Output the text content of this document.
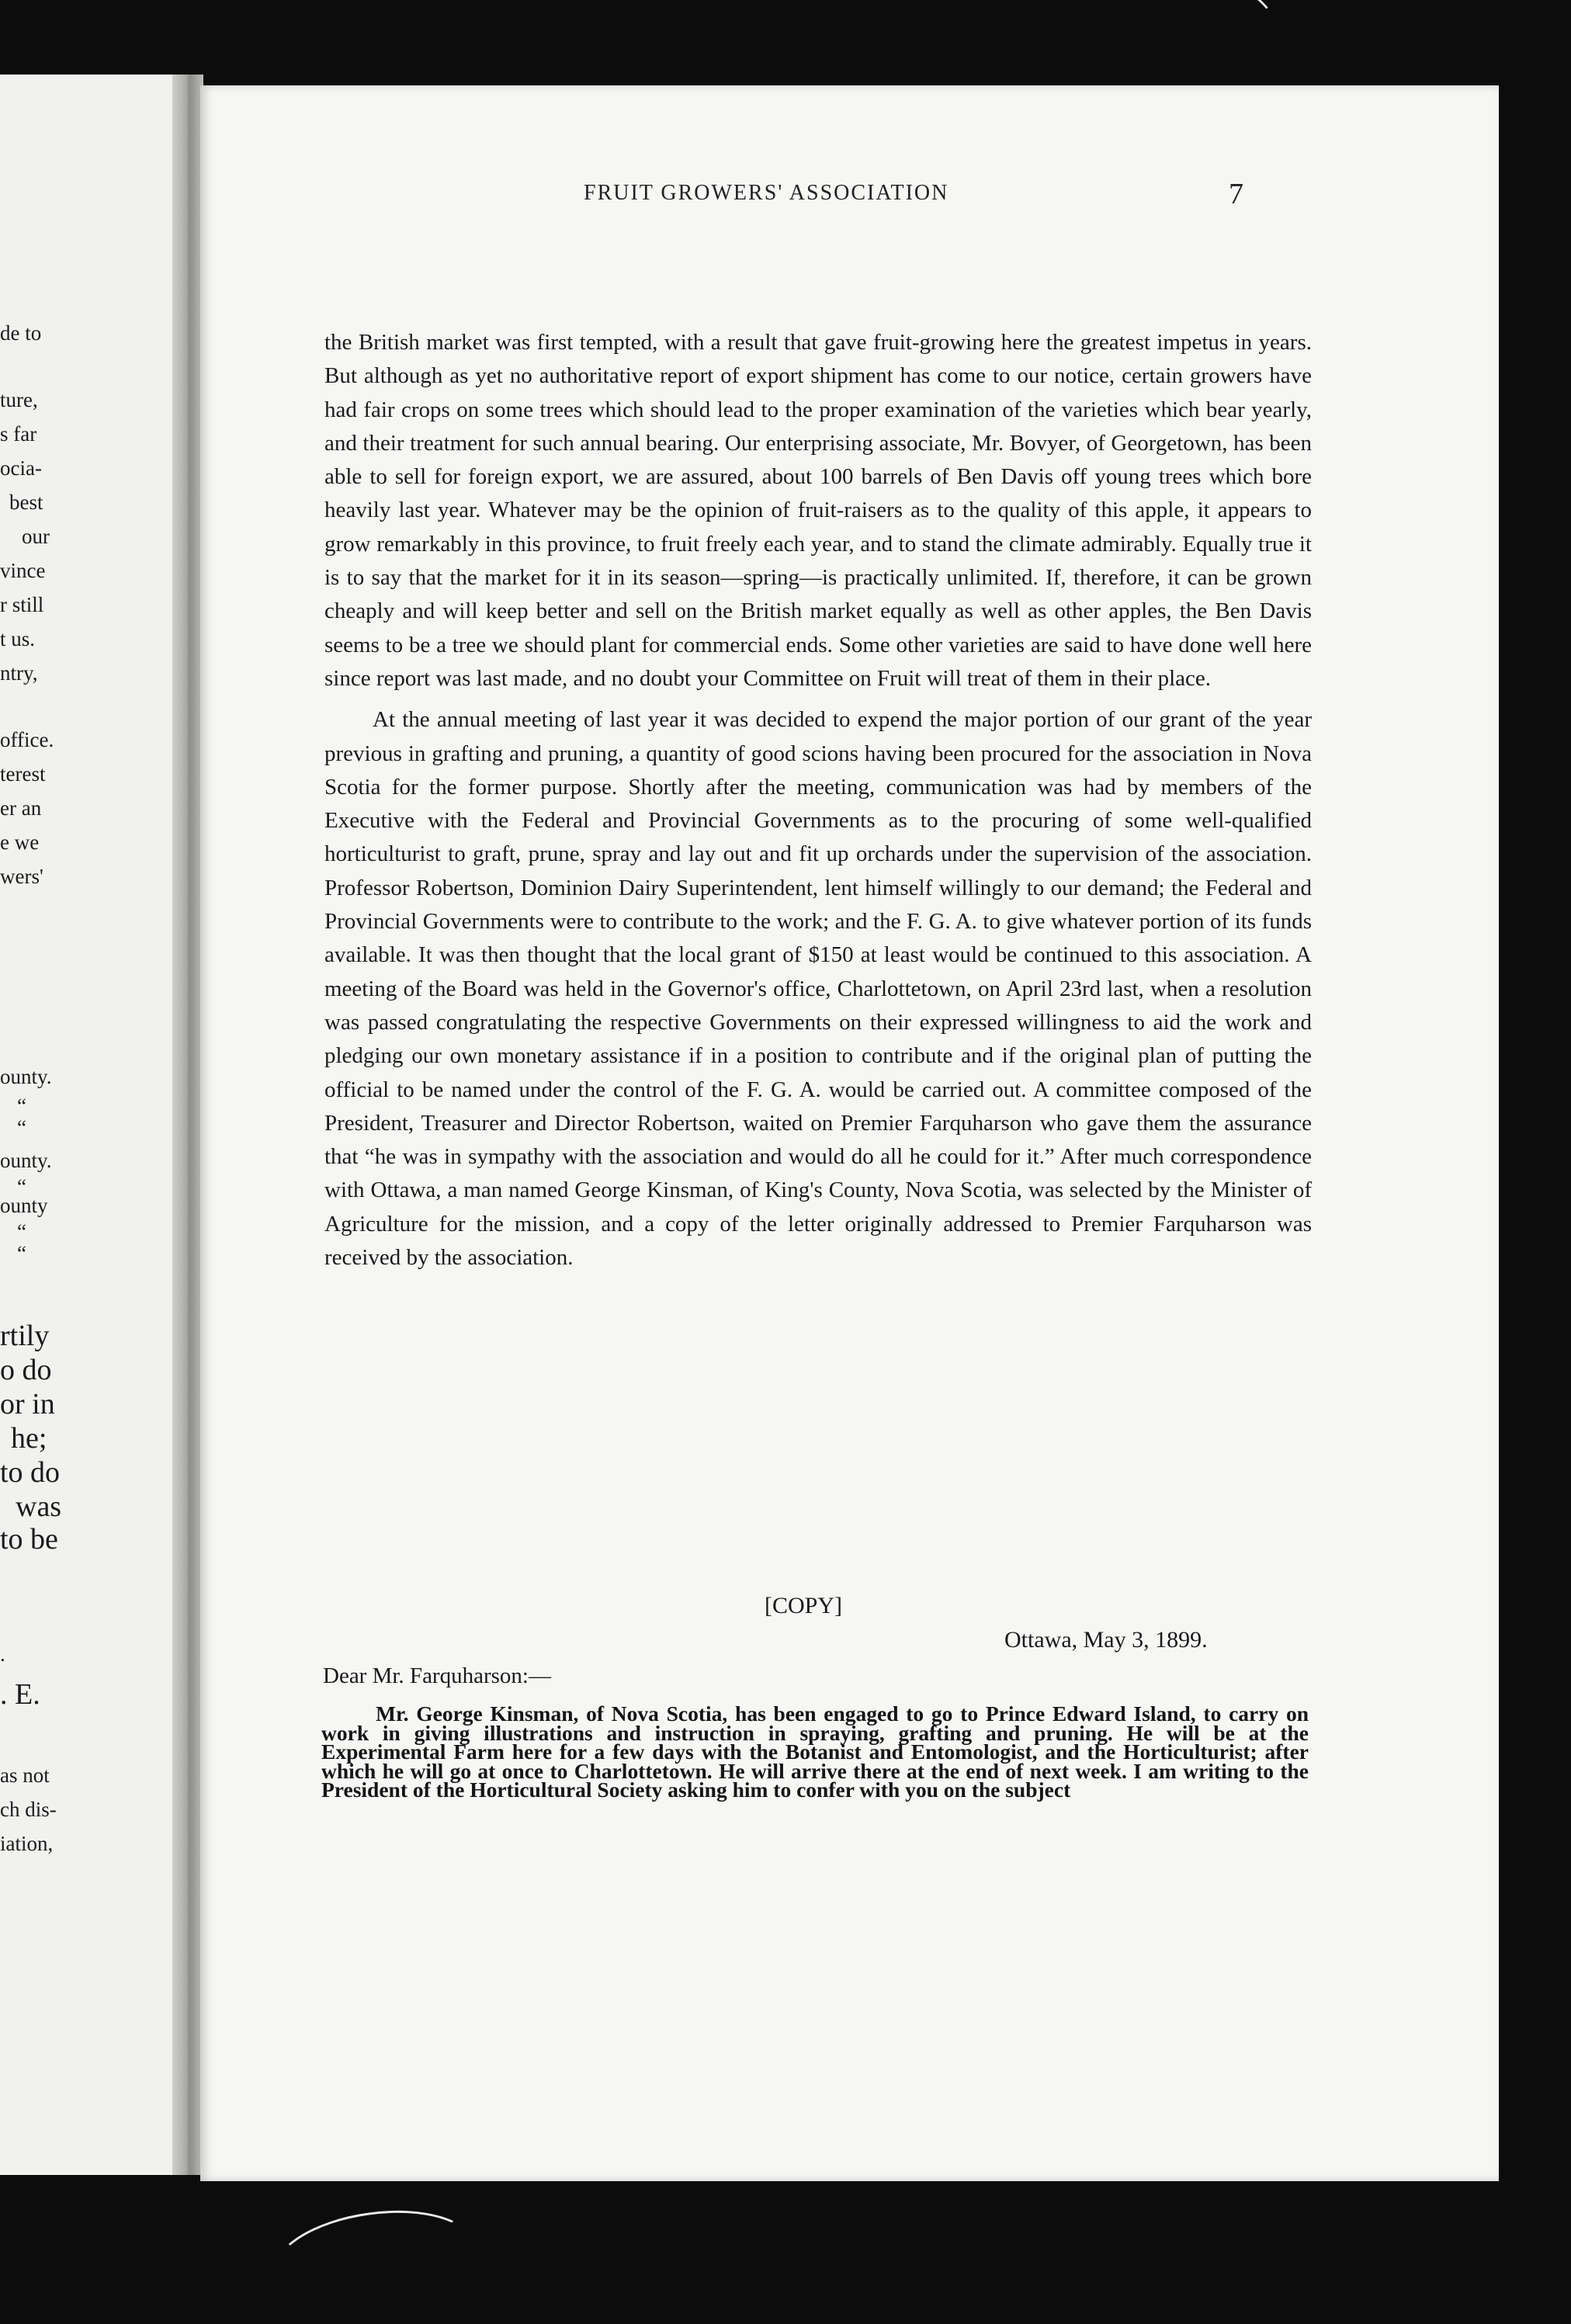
de to
ture,
s far
ocia-
best
our
vince
r still
t us.
ntry,
office.
terest
er an
e we
wers'
ounty.
“
“
ounty.
“
ounty
“
“
rtily
o do
or in
he;
to do
was
to be
.
. E.
as not
ch dis-
iation,
FRUIT GROWERS' ASSOCIATION	7

the British market was first tempted, with a result that gave fruit-growing here the greatest impetus in years. But although as yet no authoritative report of export shipment has come to our notice, certain growers have had fair crops on some trees which should lead to the proper examination of the varieties which bear yearly, and their treatment for such annual bearing. Our enterprising associate, Mr. Bovyer, of Georgetown, has been able to sell for foreign export, we are assured, about 100 barrels of Ben Davis off young trees which bore heavily last year. Whatever may be the opinion of fruit-raisers as to the quality of this apple, it appears to grow remarkably in this province, to fruit freely each year, and to stand the climate admirably. Equally true it is to say that the market for it in its season—spring—is practically unlimited. If, therefore, it can be grown cheaply and will keep better and sell on the British market equally as well as other apples, the Ben Davis seems to be a tree we should plant for commercial ends. Some other varieties are said to have done well here since report was last made, and no doubt your Committee on Fruit will treat of them in their place.

At the annual meeting of last year it was decided to expend the major portion of our grant of the year previous in grafting and pruning, a quantity of good scions having been procured for the association in Nova Scotia for the former purpose. Shortly after the meeting, communication was had by members of the Executive with the Federal and Provincial Governments as to the procuring of some well-qualified horticulturist to graft, prune, spray and lay out and fit up orchards under the supervision of the association. Professor Robertson, Dominion Dairy Superintendent, lent himself willingly to our demand; the Federal and Provincial Governments were to contribute to the work; and the F. G. A. to give whatever portion of its funds available. It was then thought that the local grant of $150 at least would be continued to this association. A meeting of the Board was held in the Governor's office, Charlottetown, on April 23rd last, when a resolution was passed congratulating the respective Governments on their expressed willingness to aid the work and pledging our own monetary assistance if in a position to contribute and if the original plan of putting the official to be named under the control of the F. G. A. would be carried out. A committee composed of the President, Treasurer and Director Robertson, waited on Premier Farquharson who gave them the assurance that “he was in sympathy with the association and would do all he could for it.” After much correspondence with Ottawa, a man named George Kinsman, of King's County, Nova Scotia, was selected by the Minister of Agriculture for the mission, and a copy of the letter originally addressed to Premier Farquharson was received by the association.

[COPY]
Ottawa, May 3, 1899.
Dear Mr. Farquharson:—

Mr. George Kinsman, of Nova Scotia, has been engaged to go to Prince Edward Island, to carry on work in giving illustrations and instruction in spraying, grafting and pruning. He will be at the Experimental Farm here for a few days with the Botanist and Entomologist, and the Horticulturist; after which he will go at once to Charlottetown. He will arrive there at the end of next week. I am writing to the President of the Horticultural Society asking him to confer with you on the subject
